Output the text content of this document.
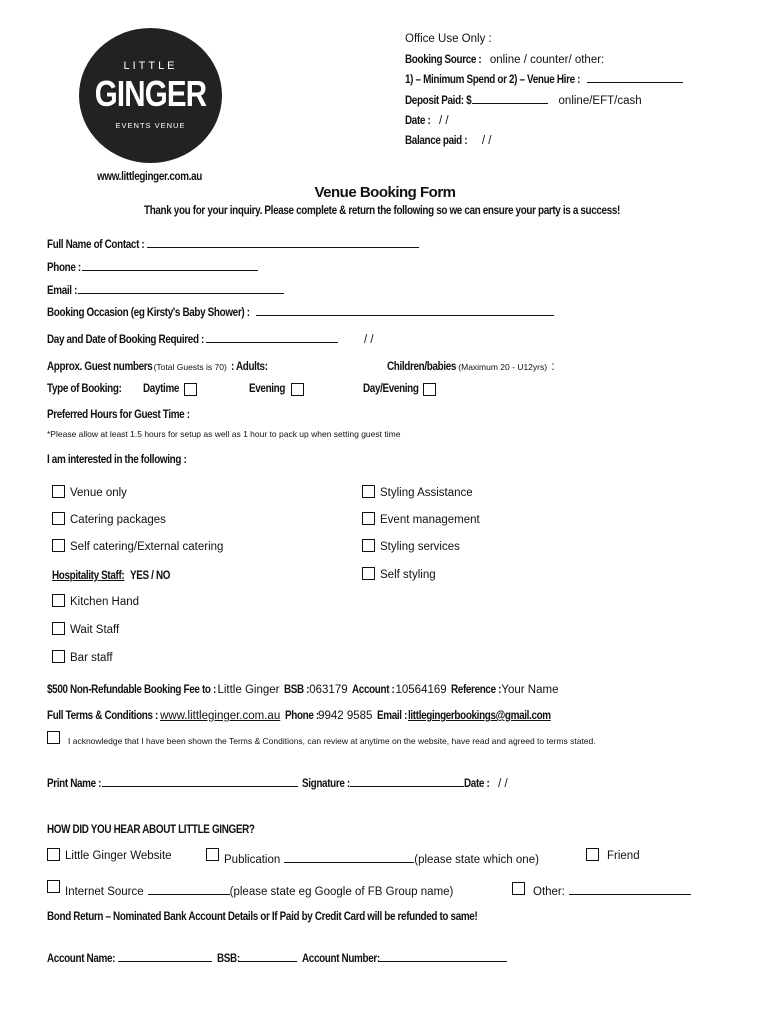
LITTLE
GINGER
EVENTS VENUE
www.littleginger.com.au
Office Use Only :
Booking Source : online / counter/ other:
1) – Minimum Spend or 2) – Venue Hire :
Deposit Paid: $	online/EFT/cash
Date : / /
Balance paid : / /
Venue Booking Form
Thank you for your inquiry. Please complete & return the following so we can ensure your party is a success!
Full Name of Contact :
Phone :
Email :
Booking Occasion (eg Kirsty's Baby Shower) :
Day and Date of Booking Required :	/ /
Approx. Guest numbers(Total Guests is 70) : Adults:	Children/babies (Maximum 20 - U12yrs) :
Type of Booking: Daytime	Evening	Day/Evening
Preferred Hours for Guest Time :
*Please allow at least 1.5 hours for setup as well as 1 hour to pack up when setting guest time
I am interested in the following :
Venue only
Catering packages
Self catering/External catering
Hospitality Staff: YES / NO
Kitchen Hand
Wait Staff
Bar staff
Styling Assistance
Event management
Styling services
Self styling
$500 Non-Refundable Booking Fee to : Little Ginger BSB :063179 Account :10564169 Reference :Your Name
Full Terms & Conditions : www.littleginger.com.au Phone :9942 9585 Email :littlegingerbookings@gmail.com
I acknowledge that I have been shown the Terms & Conditions, can review at anytime on the website, have read and agreed to terms stated.
Print Name :	Signature :	Date : / /
HOW DID YOU HEAR ABOUT LITTLE GINGER?
Little Ginger Website	Publication	(please state which one)	Friend
Internet Source	(please state eg Google of FB Group name)	Other:
Bond Return – Nominated Bank Account Details or If Paid by Credit Card will be refunded to same!
Account Name:	BSB:	Account Number:
